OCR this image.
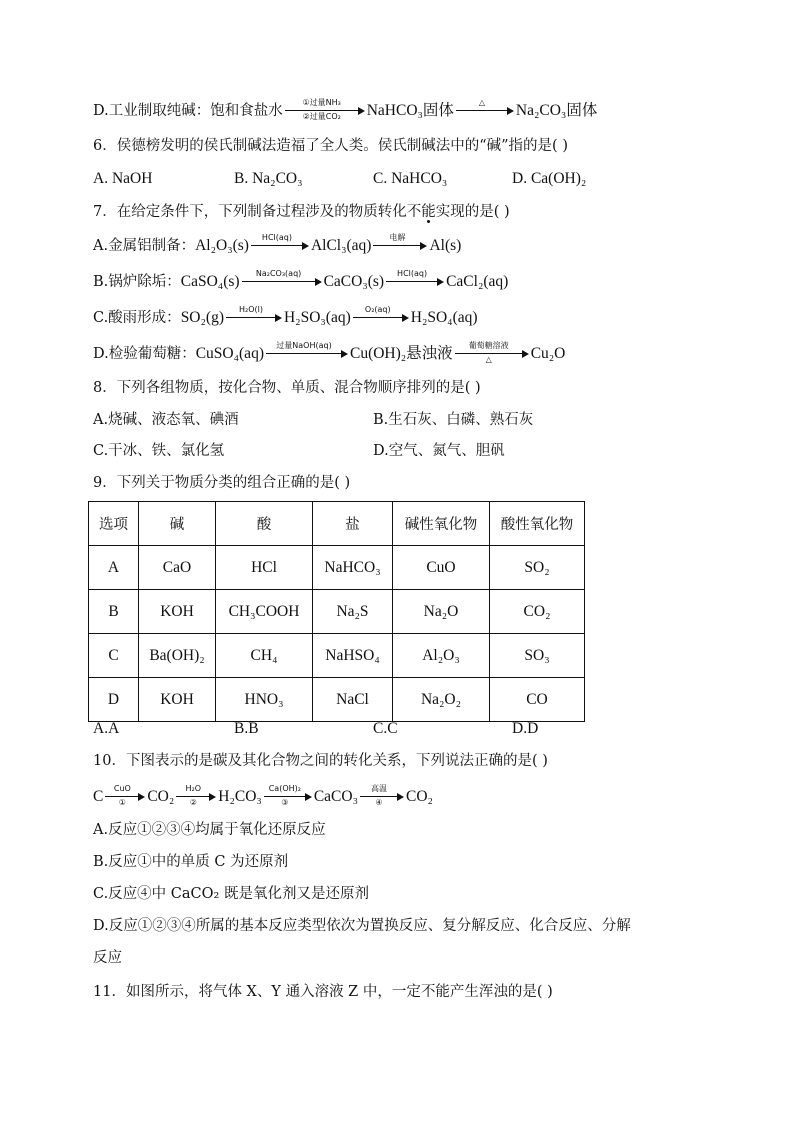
D.工业制取纯碱：饱和食盐水
①过量NH₃
②过量CO₂	NaHCO₃固体	△	Na₂CO₃固体
6．侯德榜发明的侯氏制碱法造福了全人类。侯氏制碱法中的“碱”指的是( )
A. NaOH	B. Na₂CO₃	C. NaHCO₃	D. Ca(OH)₂
7．在给定条件下，下列制备过程涉及的物质转化不能实现的是( )
A.金属铝制备：Al₂O₃(s)	HCl(aq)	AlCl₃(aq)	电解	Al(s)
B.锅炉除垢：CaSO₄(s)	Na₂CO₃(aq)	CaCO₃(s)	HCl(aq)	CaCl₂(aq)
C.酸雨形成：SO₂(g)	H₂O(l)	H₂SO₃(aq)	O₂(aq)	H₂SO₄(aq)
D.检验葡萄糖：CuSO₄(aq)	过量NaOH(aq)	Cu(OH)₂悬浊液	葡萄糖溶液
△	Cu₂O
8．下列各组物质，按化合物、单质、混合物顺序排列的是( )
A.烧碱、液态氧、碘酒	B.生石灰、白磷、熟石灰
C.干冰、铁、氯化氢	D.空气、氮气、胆矾
9．下列关于物质分类的组合正确的是( )
选项	碱	酸	盐	碱性氧化物	酸性氧化物
A	CaO	HCl	NaHCO₃	CuO	SO₂
B	KOH	CH₃COOH	Na₂S	Na₂O	CO₂
C	Ba(OH)₂	CH₄	NaHSO₄	Al₂O₃	SO₃
D	KOH	HNO₃	NaCl	Na₂O₂	CO
A.A	B.B	C.C	D.D
10．下图表示的是碳及其化合物之间的转化关系，下列说法正确的是( )
C	CuO
①	CO₂	H₂O
②	H₂CO₃ Ca(OH)₂
③	CaCO₃	高温
④	CO₂
A.反应①②③④均属于氧化还原反应
B.反应①中的单质 C 为还原剂
C.反应④中 CaCO₂ 既是氧化剂又是还原剂
D.反应①②③④所属的基本反应类型依次为置换反应、复分解反应、化合反应、分解
反应
11．如图所示，将气体 X、Y 通入溶液 Z 中，一定不能产生浑浊的是( )
